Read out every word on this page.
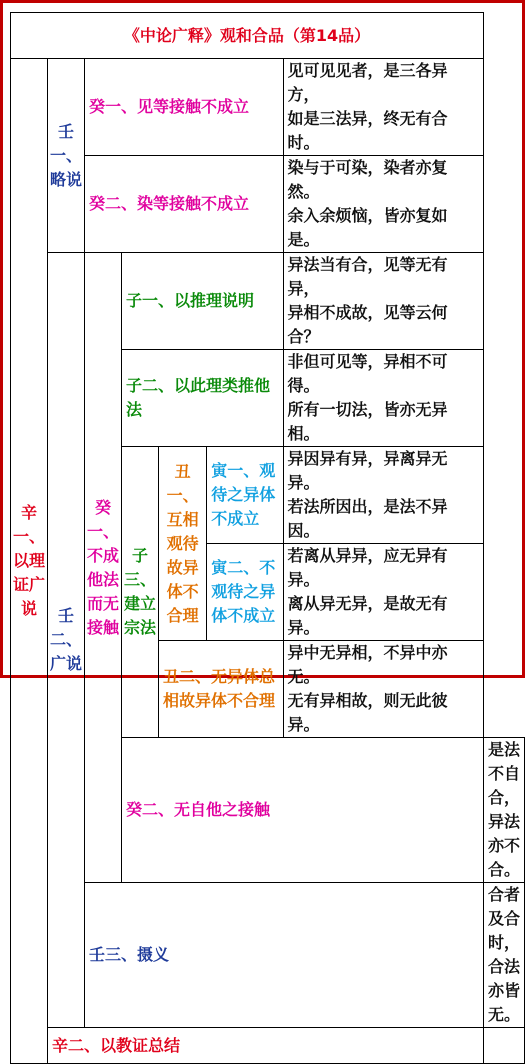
《中论广释》观和合品（第14品）							
辛一、以理证广说	壬一、略说	癸一、见等接触不成立				见可见见者，是三各异方，
如是三法异，终无有合时。	

		癸二、染等接触不成立				染与于可染，染者亦复然。
余入余烦恼，皆亦复如是。	

	壬二、广说	癸一、不成他法而无接触	子一、以推理说明			异法当有合，见等无有异，
异相不成故，见等云何合？	

			子二、以此理类推他法			非但可见等，异相不可得。
所有一切法，皆亦无异相。	

			子三、建立宗法	丑一、互相观待故异体不合理	寅一、观待之异体不成立	异因异有异，异离异无异。
若法所因出，是法不异因。	

					寅二、不观待之异体不成立	若离从异异，应无异有异。
离从异无异，是故无有异。	

				丑二、无异体总相故异体不合理		异中无异相，不异中亦无。
无有异相故，则无此彼异。	

			癸二、无自他之接触				是法不自合，异法亦不合。

		壬三、摄义					合者及合时，合法亦皆无。

	辛二、以教证总结						
